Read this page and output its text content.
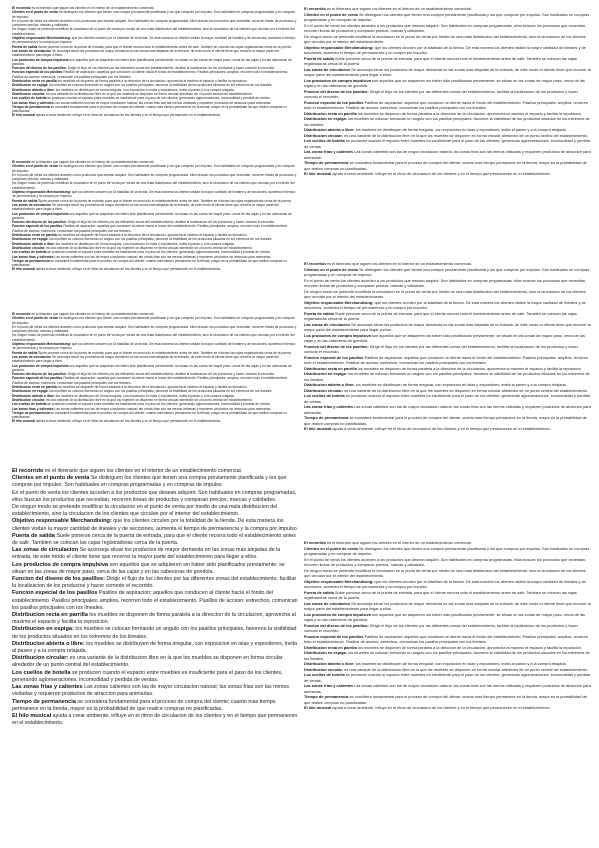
El recorrido es el itinerario que siguen los clientes en el interior de un establecimiento comercial.

Clientes en el punto de venta Se distinguen los clientes que tienen una compra previamente planificada y los que compran por impulso. Son habituales en compras programadas y en compras de impulso.

En el punto de venta los clientes acceden a los productos que desean adquirir. Son habituales en compras programadas, ellos buscan los productos que necesitan, recorren lineas de productos y comparan precios, marcas y calidades.

De ningun modo se pretende modificar la circulacion en el punto de venta por medio de una mala distribucion del establecimiento, sino la circulacion de los clientes que circulan por el interior del establecimiento.

Objetivo responsable Merchandising: que los clientes circulen por la totalidad de la tienda. De esta manera los clientes visitan la mayor cantidad de lineales y de secciones, aumenta el tiempo de permanencia y la compra por impulso.

Puerta de salida Suele ponerse cerca de la puerta de entrada, para que el cliente recorra todo el establecimiento antes de salir. Tambien se colocan las cajas registradoras cerca de la puerta.

Las zonas de circulacion Se aconseja situar los productos de mayor demanda en las zonas mas alejadas de la entrada, de este modo el cliente tiene que recorrer la mayor parte del establecimiento para llegar a ellos.

Los productos de compra impulsiva son aquellos que se adquieren sin haber sido planificados previamente; se situan en las zonas de mayor paso, cerca de las cajas y en las cabeceras de gondola.

Funcion del diseno de los pasillos: Dirigir el flujo de los clientes por las diferentes zonas del establecimiento, facilitar la localizacion de los productos y hacer comodo el recorrido.

Funcion especial de los pasillos Pasillos de aspiracion: aquellos que conducen al cliente hacia el fondo del establecimiento. Pasillos principales: amplios, recorren todo el establecimiento. Pasillos de acceso: estrechos, comunican los pasillos principales con los lineales.

Distribucion recta en parrilla los muebles se disponen de forma paralela a la direccion de la circulacion, aprovecha al maximo el espacio y facilita la reposicion.

Distribucion en espiga: los muebles se colocan formando un angulo con los pasillos principales, favorece la visibilidad de los productos situados en los extremos de los lineales.

Distribucion abierta o libre: los muebles se distribuyen de forma irregular, con exposicion en islas y expositores, invita al paseo y a la compra relajada.

Distribucion circular: es una variante de la distribucion libre en la que los muebles se disponen en forma circular alrededor de un punto central del establecimiento.

Los cuellos de botella se producen cuando el espacio entre muebles es insuficiente para el paso de los clientes, generando aglomeraciones, incomodidad y perdida de ventas.

Las zonas frias y calientes Las zonas calientes son las de mayor circulacion natural; las zonas frias son las menos visitadas y requieren productos de atraccion para animarlas.

Tiempo de permanencia se considera fundamental para el proceso de compra del cliente; cuanto mas tiempo permanece en la tienda, mayor es la probabilidad de que realice compras no planificadas.

El hilo musical ayuda a crear ambiente, influye en el ritmo de circulacion de los clientes y en el tiempo que permanecen en el establecimiento.

El recorrido es el itinerario que siguen los clientes en el interior de un establecimiento comercial.

Clientes en el punto de venta Se distinguen los clientes que tienen una compra previamente planificada y los que compran por impulso. Son habituales en compras programadas y en compras de impulso.

En el punto de venta los clientes acceden a los productos que desean adquirir. Son habituales en compras programadas, ellos buscan los productos que necesitan, recorren lineas de productos y comparan precios, marcas y calidades.

De ningun modo se pretende modificar la circulacion en el punto de venta por medio de una mala distribucion del establecimiento, sino la circulacion de los clientes que circulan por el interior del establecimiento.

Objetivo responsable Merchandising: que los clientes circulen por la totalidad de la tienda. De esta manera los clientes visitan la mayor cantidad de lineales y de secciones, aumenta el tiempo de permanencia y la compra por impulso.

Puerta de salida Suele ponerse cerca de la puerta de entrada, para que el cliente recorra todo el establecimiento antes de salir. Tambien se colocan las cajas registradoras cerca de la puerta.

Las zonas de circulacion Se aconseja situar los productos de mayor demanda en las zonas mas alejadas de la entrada, de este modo el cliente tiene que recorrer la mayor parte del establecimiento para llegar a ellos.

Los productos de compra impulsiva son aquellos que se adquieren sin haber sido planificados previamente; se situan en las zonas de mayor paso, cerca de las cajas y en las cabeceras de gondola.

Funcion del diseno de los pasillos: Dirigir el flujo de los clientes por las diferentes zonas del establecimiento, facilitar la localizacion de los productos y hacer comodo el recorrido.

Funcion especial de los pasillos Pasillos de aspiracion: aquellos que conducen al cliente hacia el fondo del establecimiento. Pasillos principales: amplios, recorren todo el establecimiento. Pasillos de acceso: estrechos, comunican los pasillos principales con los lineales.

Distribucion recta en parrilla los muebles se disponen de forma paralela a la direccion de la circulacion, aprovecha al maximo el espacio y facilita la reposicion.

Distribucion en espiga: los muebles se colocan formando un angulo con los pasillos principales, favorece la visibilidad de los productos situados en los extremos de los lineales.

Distribucion abierta o libre: los muebles se distribuyen de forma irregular, con exposicion en islas y expositores, invita al paseo y a la compra relajada.

Distribucion circular: es una variante de la distribucion libre en la que los muebles se disponen en forma circular alrededor de un punto central del establecimiento.

Los cuellos de botella se producen cuando el espacio entre muebles es insuficiente para el paso de los clientes, generando aglomeraciones, incomodidad y perdida de ventas.

Las zonas frias y calientes Las zonas calientes son las de mayor circulacion natural; las zonas frias son las menos visitadas y requieren productos de atraccion para animarlas.

Tiempo de permanencia se considera fundamental para el proceso de compra del cliente; cuanto mas tiempo permanece en la tienda, mayor es la probabilidad de que realice compras no planificadas.

El hilo musical ayuda a crear ambiente, influye en el ritmo de circulacion de los clientes y en el tiempo que permanecen en el establecimiento.

El recorrido es el itinerario que siguen los clientes en el interior de un establecimiento comercial.

Clientes en el punto de venta Se distinguen los clientes que tienen una compra previamente planificada y los que compran por impulso. Son habituales en compras programadas y en compras de impulso.

En el punto de venta los clientes acceden a los productos que desean adquirir. Son habituales en compras programadas, ellos buscan los productos que necesitan, recorren lineas de productos y comparan precios, marcas y calidades.

De ningun modo se pretende modificar la circulacion en el punto de venta por medio de una mala distribucion del establecimiento, sino la circulacion de los clientes que circulan por el interior del establecimiento.

Objetivo responsable Merchandising: que los clientes circulen por la totalidad de la tienda. De esta manera los clientes visitan la mayor cantidad de lineales y de secciones, aumenta el tiempo de permanencia y la compra por impulso.

Puerta de salida Suele ponerse cerca de la puerta de entrada, para que el cliente recorra todo el establecimiento antes de salir. Tambien se colocan las cajas registradoras cerca de la puerta.

Las zonas de circulacion Se aconseja situar los productos de mayor demanda en las zonas mas alejadas de la entrada, de este modo el cliente tiene que recorrer la mayor parte del establecimiento para llegar a ellos.

Los productos de compra impulsiva son aquellos que se adquieren sin haber sido planificados previamente; se situan en las zonas de mayor paso, cerca de las cajas y en las cabeceras de gondola.

Funcion del diseno de los pasillos: Dirigir el flujo de los clientes por las diferentes zonas del establecimiento, facilitar la localizacion de los productos y hacer comodo el recorrido.

Funcion especial de los pasillos Pasillos de aspiracion: aquellos que conducen al cliente hacia el fondo del establecimiento. Pasillos principales: amplios, recorren todo el establecimiento. Pasillos de acceso: estrechos, comunican los pasillos principales con los lineales.

Distribucion recta en parrilla los muebles se disponen de forma paralela a la direccion de la circulacion, aprovecha al maximo el espacio y facilita la reposicion.

Distribucion en espiga: los muebles se colocan formando un angulo con los pasillos principales, favorece la visibilidad de los productos situados en los extremos de los lineales.

Distribucion abierta o libre: los muebles se distribuyen de forma irregular, con exposicion en islas y expositores, invita al paseo y a la compra relajada.

Distribucion circular: es una variante de la distribucion libre en la que los muebles se disponen en forma circular alrededor de un punto central del establecimiento.

Los cuellos de botella se producen cuando el espacio entre muebles es insuficiente para el paso de los clientes, generando aglomeraciones, incomodidad y perdida de ventas.

Las zonas frias y calientes Las zonas calientes son las de mayor circulacion natural; las zonas frias son las menos visitadas y requieren productos de atraccion para animarlas.

Tiempo de permanencia se considera fundamental para el proceso de compra del cliente; cuanto mas tiempo permanece en la tienda, mayor es la probabilidad de que realice compras no planificadas.

El hilo musical ayuda a crear ambiente, influye en el ritmo de circulacion de los clientes y en el tiempo que permanecen en el establecimiento.

El recorrido es el itinerario que siguen los clientes en el interior de un establecimiento comercial.

Clientes en el punto de venta Se distinguen los clientes que tienen una compra previamente planificada y los que compran por impulso. Son habituales en compras programadas y en compras de impulso.

En el punto de venta los clientes acceden a los productos que desean adquirir. Son habituales en compras programadas, ellos buscan los productos que necesitan, recorren lineas de productos y comparan precios, marcas y calidades.

De ningun modo se pretende modificar la circulacion en el punto de venta por medio de una mala distribucion del establecimiento, sino la circulacion de los clientes que circulan por el interior del establecimiento.

Objetivo responsable Merchandising: que los clientes circulen por la totalidad de la tienda. De esta manera los clientes visitan la mayor cantidad de lineales y de secciones, aumenta el tiempo de permanencia y la compra por impulso.

Puerta de salida Suele ponerse cerca de la puerta de entrada, para que el cliente recorra todo el establecimiento antes de salir. Tambien se colocan las cajas registradoras cerca de la puerta.

Las zonas de circulacion Se aconseja situar los productos de mayor demanda en las zonas mas alejadas de la entrada, de este modo el cliente tiene que recorrer la mayor parte del establecimiento para llegar a ellos.

Los productos de compra impulsiva son aquellos que se adquieren sin haber sido planificados previamente; se situan en las zonas de mayor paso, cerca de las cajas y en las cabeceras de gondola.

Funcion del diseno de los pasillos: Dirigir el flujo de los clientes por las diferentes zonas del establecimiento, facilitar la localizacion de los productos y hacer comodo el recorrido.

Funcion especial de los pasillos Pasillos de aspiracion: aquellos que conducen al cliente hacia el fondo del establecimiento. Pasillos principales: amplios, recorren todo el establecimiento. Pasillos de acceso: estrechos, comunican los pasillos principales con los lineales.

Distribucion recta en parrilla los muebles se disponen de forma paralela a la direccion de la circulacion, aprovecha al maximo el espacio y facilita la reposicion.

Distribucion en espiga: los muebles se colocan formando un angulo con los pasillos principales, favorece la visibilidad de los productos situados en los extremos de los lineales.

Distribucion abierta o libre: los muebles se distribuyen de forma irregular, con exposicion en islas y expositores, invita al paseo y a la compra relajada.

Distribucion circular: es una variante de la distribucion libre en la que los muebles se disponen en forma circular alrededor de un punto central del establecimiento.

Los cuellos de botella se producen cuando el espacio entre muebles es insuficiente para el paso de los clientes, generando aglomeraciones, incomodidad y perdida de ventas.

Las zonas frias y calientes Las zonas calientes son las de mayor circulacion natural; las zonas frias son las menos visitadas y requieren productos de atraccion para animarlas.

Tiempo de permanencia se considera fundamental para el proceso de compra del cliente; cuanto mas tiempo permanece en la tienda, mayor es la probabilidad de que realice compras no planificadas.

El hilo musical ayuda a crear ambiente, influye en el ritmo de circulacion de los clientes y en el tiempo que permanecen en el establecimiento.

El recorrido es el itinerario que siguen los clientes en el interior de un establecimiento comercial.

Clientes en el punto de venta Se distinguen los clientes que tienen una compra previamente planificada y los que compran por impulso. Son habituales en compras programadas y en compras de impulso.

En el punto de venta los clientes acceden a los productos que desean adquirir. Son habituales en compras programadas, ellos buscan los productos que necesitan, recorren lineas de productos y comparan precios, marcas y calidades.

De ningun modo se pretende modificar la circulacion en el punto de venta por medio de una mala distribucion del establecimiento, sino la circulacion de los clientes que circulan por el interior del establecimiento.

Objetivo responsable Merchandising: que los clientes circulen por la totalidad de la tienda. De esta manera los clientes visitan la mayor cantidad de lineales y de secciones, aumenta el tiempo de permanencia y la compra por impulso.

Puerta de salida Suele ponerse cerca de la puerta de entrada, para que el cliente recorra todo el establecimiento antes de salir. Tambien se colocan las cajas registradoras cerca de la puerta.

Las zonas de circulacion Se aconseja situar los productos de mayor demanda en las zonas mas alejadas de la entrada, de este modo el cliente tiene que recorrer la mayor parte del establecimiento para llegar a ellos.

Los productos de compra impulsiva son aquellos que se adquieren sin haber sido planificados previamente; se situan en las zonas de mayor paso, cerca de las cajas y en las cabeceras de gondola.

Funcion del diseno de los pasillos: Dirigir el flujo de los clientes por las diferentes zonas del establecimiento, facilitar la localizacion de los productos y hacer comodo el recorrido.

Funcion especial de los pasillos Pasillos de aspiracion: aquellos que conducen al cliente hacia el fondo del establecimiento. Pasillos principales: amplios, recorren todo el establecimiento. Pasillos de acceso: estrechos, comunican los pasillos principales con los lineales.

Distribucion recta en parrilla los muebles se disponen de forma paralela a la direccion de la circulacion, aprovecha al maximo el espacio y facilita la reposicion.

Distribucion en espiga: los muebles se colocan formando un angulo con los pasillos principales, favorece la visibilidad de los productos situados en los extremos de los lineales.

Distribucion abierta o libre: los muebles se distribuyen de forma irregular, con exposicion en islas y expositores, invita al paseo y a la compra relajada.

Distribucion circular: es una variante de la distribucion libre en la que los muebles se disponen en forma circular alrededor de un punto central del establecimiento.

Los cuellos de botella se producen cuando el espacio entre muebles es insuficiente para el paso de los clientes, generando aglomeraciones, incomodidad y perdida de ventas.

Las zonas frias y calientes Las zonas calientes son las de mayor circulacion natural; las zonas frias son las menos visitadas y requieren productos de atraccion para animarlas.

Tiempo de permanencia se considera fundamental para el proceso de compra del cliente; cuanto mas tiempo permanece en la tienda, mayor es la probabilidad de que realice compras no planificadas.

El hilo musical ayuda a crear ambiente, influye en el ritmo de circulacion de los clientes y en el tiempo que permanecen en el establecimiento.

El recorrido es el itinerario que siguen los clientes en el interior de un establecimiento comercial.

Clientes en el punto de venta Se distinguen los clientes que tienen una compra previamente planificada y los que compran por impulso. Son habituales en compras programadas y en compras de impulso.

En el punto de venta los clientes acceden a los productos que desean adquirir. Son habituales en compras programadas, ellos buscan los productos que necesitan, recorren lineas de productos y comparan precios, marcas y calidades.

De ningun modo se pretende modificar la circulacion en el punto de venta por medio de una mala distribucion del establecimiento, sino la circulacion de los clientes que circulan por el interior del establecimiento.

Objetivo responsable Merchandising: que los clientes circulen por la totalidad de la tienda. De esta manera los clientes visitan la mayor cantidad de lineales y de secciones, aumenta el tiempo de permanencia y la compra por impulso.

Puerta de salida Suele ponerse cerca de la puerta de entrada, para que el cliente recorra todo el establecimiento antes de salir. Tambien se colocan las cajas registradoras cerca de la puerta.

Las zonas de circulacion Se aconseja situar los productos de mayor demanda en las zonas mas alejadas de la entrada, de este modo el cliente tiene que recorrer la mayor parte del establecimiento para llegar a ellos.

Los productos de compra impulsiva son aquellos que se adquieren sin haber sido planificados previamente; se situan en las zonas de mayor paso, cerca de las cajas y en las cabeceras de gondola.

Funcion del diseno de los pasillos: Dirigir el flujo de los clientes por las diferentes zonas del establecimiento, facilitar la localizacion de los productos y hacer comodo el recorrido.

Funcion especial de los pasillos Pasillos de aspiracion: aquellos que conducen al cliente hacia el fondo del establecimiento. Pasillos principales: amplios, recorren todo el establecimiento. Pasillos de acceso: estrechos, comunican los pasillos principales con los lineales.

Distribucion recta en parrilla los muebles se disponen de forma paralela a la direccion de la circulacion, aprovecha al maximo el espacio y facilita la reposicion.

Distribucion en espiga: los muebles se colocan formando un angulo con los pasillos principales, favorece la visibilidad de los productos situados en los extremos de los lineales.

Distribucion abierta o libre: los muebles se distribuyen de forma irregular, con exposicion en islas y expositores, invita al paseo y a la compra relajada.

Distribucion circular: es una variante de la distribucion libre en la que los muebles se disponen en forma circular alrededor de un punto central del establecimiento.

Los cuellos de botella se producen cuando el espacio entre muebles es insuficiente para el paso de los clientes, generando aglomeraciones, incomodidad y perdida de ventas.

Las zonas frias y calientes Las zonas calientes son las de mayor circulacion natural; las zonas frias son las menos visitadas y requieren productos de atraccion para animarlas.

Tiempo de permanencia se considera fundamental para el proceso de compra del cliente; cuanto mas tiempo permanece en la tienda, mayor es la probabilidad de que realice compras no planificadas.

El hilo musical ayuda a crear ambiente, influye en el ritmo de circulacion de los clientes y en el tiempo que permanecen en el establecimiento.

El recorrido es el itinerario que siguen los clientes en el interior de un establecimiento comercial.

Clientes en el punto de venta Se distinguen los clientes que tienen una compra previamente planificada y los que compran por impulso. Son habituales en compras programadas y en compras de impulso.

En el punto de venta los clientes acceden a los productos que desean adquirir. Son habituales en compras programadas, ellos buscan los productos que necesitan, recorren lineas de productos y comparan precios, marcas y calidades.

De ningun modo se pretende modificar la circulacion en el punto de venta por medio de una mala distribucion del establecimiento, sino la circulacion de los clientes que circulan por el interior del establecimiento.

Objetivo responsable Merchandising: que los clientes circulen por la totalidad de la tienda. De esta manera los clientes visitan la mayor cantidad de lineales y de secciones, aumenta el tiempo de permanencia y la compra por impulso.

Puerta de salida Suele ponerse cerca de la puerta de entrada, para que el cliente recorra todo el establecimiento antes de salir. Tambien se colocan las cajas registradoras cerca de la puerta.

Las zonas de circulacion Se aconseja situar los productos de mayor demanda en las zonas mas alejadas de la entrada, de este modo el cliente tiene que recorrer la mayor parte del establecimiento para llegar a ellos.

Los productos de compra impulsiva son aquellos que se adquieren sin haber sido planificados previamente; se situan en las zonas de mayor paso, cerca de las cajas y en las cabeceras de gondola.

Funcion del diseno de los pasillos: Dirigir el flujo de los clientes por las diferentes zonas del establecimiento, facilitar la localizacion de los productos y hacer comodo el recorrido.

Funcion especial de los pasillos Pasillos de aspiracion: aquellos que conducen al cliente hacia el fondo del establecimiento. Pasillos principales: amplios, recorren todo el establecimiento. Pasillos de acceso: estrechos, comunican los pasillos principales con los lineales.

Distribucion recta en parrilla los muebles se disponen de forma paralela a la direccion de la circulacion, aprovecha al maximo el espacio y facilita la reposicion.

Distribucion en espiga: los muebles se colocan formando un angulo con los pasillos principales, favorece la visibilidad de los productos situados en los extremos de los lineales.

Distribucion abierta o libre: los muebles se distribuyen de forma irregular, con exposicion en islas y expositores, invita al paseo y a la compra relajada.

Distribucion circular: es una variante de la distribucion libre en la que los muebles se disponen en forma circular alrededor de un punto central del establecimiento.

Los cuellos de botella se producen cuando el espacio entre muebles es insuficiente para el paso de los clientes, generando aglomeraciones, incomodidad y perdida de ventas.

Las zonas frias y calientes Las zonas calientes son las de mayor circulacion natural; las zonas frias son las menos visitadas y requieren productos de atraccion para animarlas.

Tiempo de permanencia se considera fundamental para el proceso de compra del cliente; cuanto mas tiempo permanece en la tienda, mayor es la probabilidad de que realice compras no planificadas.

El hilo musical ayuda a crear ambiente, influye en el ritmo de circulacion de los clientes y en el tiempo que permanecen en el establecimiento.
